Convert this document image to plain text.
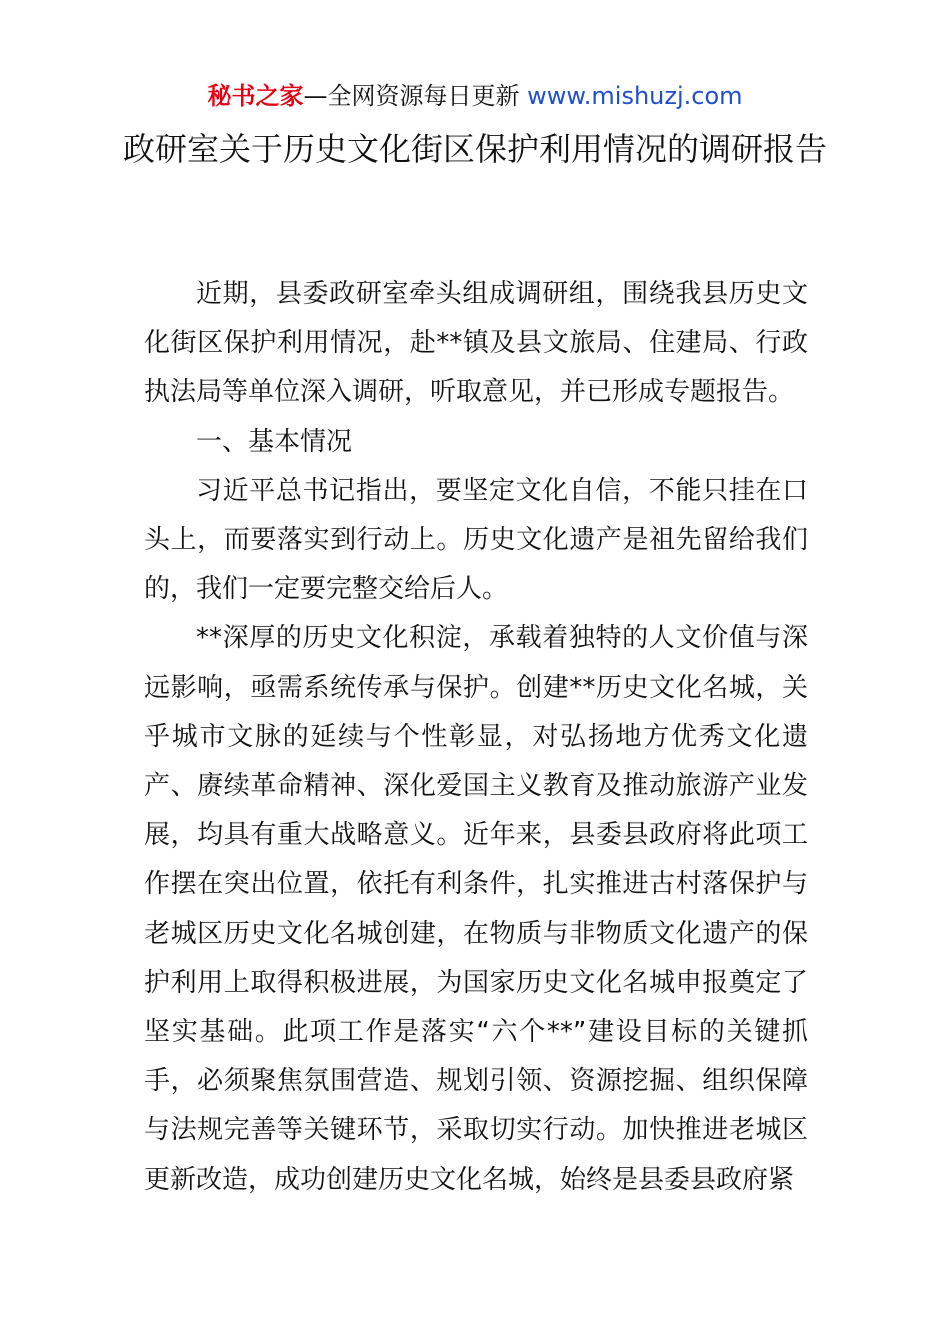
秘书之家—全网资源每日更新 www.mishuzj.com
政研室关于历史文化街区保护利用情况的调研报告

近期，县委政研室牵头组成调研组，围绕我县历史文化街区保护利用情况，赴**镇及县文旅局、住建局、行政执法局等单位深入调研，听取意见，并已形成专题报告。

一、基本情况

习近平总书记指出，要坚定文化自信，不能只挂在口头上，而要落实到行动上。历史文化遗产是祖先留给我们的，我们一定要完整交给后人。

**深厚的历史文化积淀，承载着独特的人文价值与深远影响，亟需系统传承与保护。创建**历史文化名城，关乎城市文脉的延续与个性彰显，对弘扬地方优秀文化遗产、赓续革命精神、深化爱国主义教育及推动旅游产业发展，均具有重大战略意义。近年来，县委县政府将此项工作摆在突出位置，依托有利条件，扎实推进古村落保护与老城区历史文化名城创建，在物质与非物质文化遗产的保护利用上取得积极进展，为国家历史文化名城申报奠定了坚实基础。此项工作是落实“六个**”建设目标的关键抓手，必须聚焦氛围营造、规划引领、资源挖掘、组织保障与法规完善等关键环节，采取切实行动。加快推进老城区更新改造，成功创建历史文化名城，始终是县委县政府紧
